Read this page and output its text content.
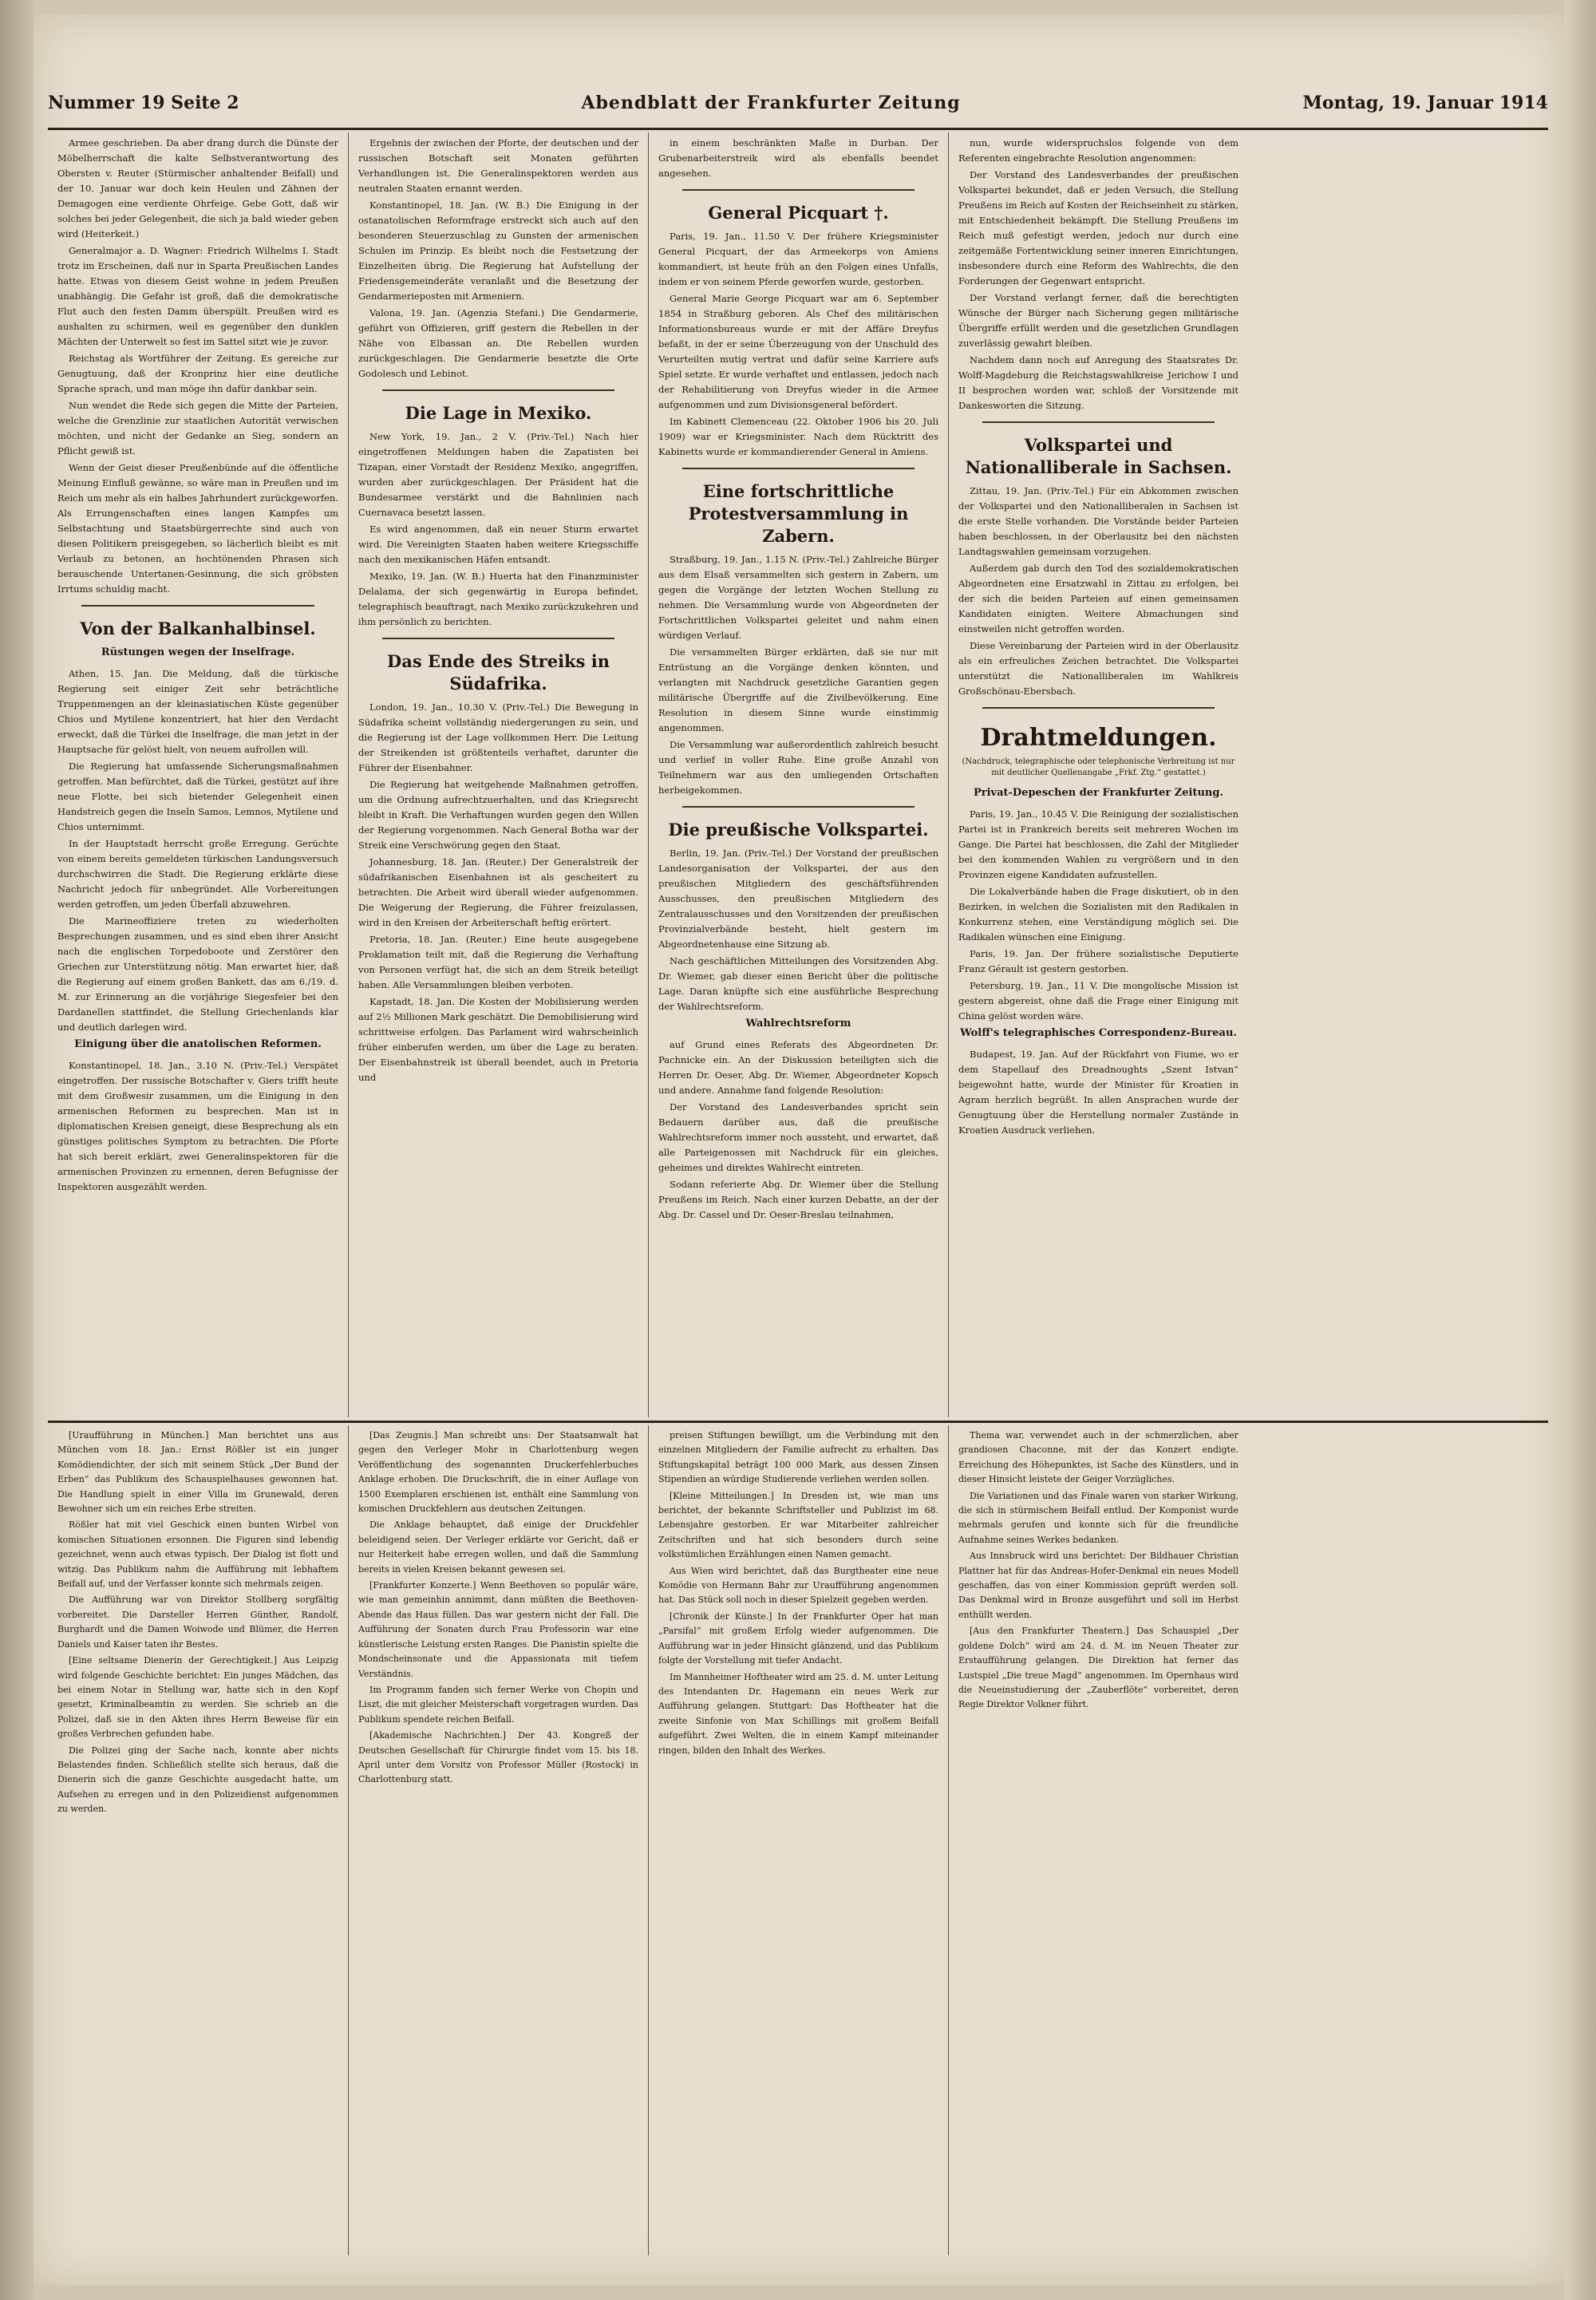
Nummer 19 Seite 2	Abendblatt der Frankfurter Zeitung	Montag, 19. Januar 1914

Armee geschrieben. Da aber drang durch die Dünste der Möbelherrschaft die kalte Selbstverantwortung des Obersten v. Reuter (Stürmischer anhaltender Beifall) und der 10. Januar war doch kein Heulen und Zähnen der Demagogen eine verdiente Ohrfeige. Gebe Gott, daß wir solches bei jeder Gelegenheit, die sich ja bald wieder geben wird (Heiterkeit.)

Generalmajor a. D. Wagner: Friedrich Wilhelms I. Stadt trotz im Erscheinen, daß nur in Sparta Preußischen Landes hatte. Etwas von diesem Geist wohne in jedem Preußen unabhängig. Die Gefahr ist groß, daß die demokratische Flut auch den festen Damm überspült. Preußen wird es aushalten zu schirmen, weil es gegenüber den dunklen Mächten der Unterwelt so fest im Sattel sitzt wie je zuvor.

Reichstag als Wortführer der Zeitung. Es gereiche zur Genugtuung, daß der Kronprinz hier eine deutliche Sprache sprach, und man möge ihn dafür dankbar sein.

Nun wendet die Rede sich gegen die Mitte der Parteien, welche die Grenzlinie zur staatlichen Autorität verwischen möchten, und nicht der Gedanke an Sieg, sondern an Pflicht gewiß ist.

Wenn der Geist dieser Preußenbünde auf die öffentliche Meinung Einfluß gewänne, so wäre man in Preußen und im Reich um mehr als ein halbes Jahrhundert zurückgeworfen. Als Errungenschaften eines langen Kampfes um Selbstachtung und Staatsbürgerrechte sind auch von diesen Politikern preisgegeben, so lächerlich bleibt es mit Verlaub zu betonen, an hochtönenden Phrasen sich berauschende Untertanen-Gesinnung, die sich gröbsten Irrtums schuldig macht.

Von der Balkanhalbinsel.
Rüstungen wegen der Inselfrage.

Athen, 15. Jan. Die Meldung, daß die türkische Regierung seit einiger Zeit sehr beträchtliche Truppenmengen an der kleinasiatischen Küste gegenüber Chios und Mytilene konzentriert, hat hier den Verdacht erweckt, daß die Türkei die Inselfrage, die man jetzt in der Hauptsache für gelöst hielt, von neuem aufrollen will.

Die Regierung hat umfassende Sicherungsmaßnahmen getroffen. Man befürchtet, daß die Türkei, gestützt auf ihre neue Flotte, bei sich bietender Gelegenheit einen Handstreich gegen die Inseln Samos, Lemnos, Mytilene und Chios unternimmt.

In der Hauptstadt herrscht große Erregung. Gerüchte von einem bereits gemeldeten türkischen Landungsversuch durchschwirren die Stadt. Die Regierung erklärte diese Nachricht jedoch für unbegründet. Alle Vorbereitungen werden getroffen, um jeden Überfall abzuwehren.

Die Marineoffiziere treten zu wiederholten Besprechungen zusammen, und es sind eben ihrer Ansicht nach die englischen Torpedoboote und Zerstörer den Griechen zur Unterstützung nötig. Man erwartet hier, daß die Regierung auf einem großen Bankett, das am 6./19. d. M. zur Erinnerung an die vorjährige Siegesfeier bei den Dardanellen stattfindet, die Stellung Griechenlands klar und deutlich darlegen wird.

Einigung über die anatolischen Reformen.

Konstantinopel, 18. Jan., 3.10 N. (Priv.-Tel.) Verspätet eingetroffen. Der russische Botschafter v. Giers trifft heute mit dem Großwesir zusammen, um die Einigung in den armenischen Reformen zu besprechen. Man ist in diplomatischen Kreisen geneigt, diese Besprechung als ein günstiges politisches Symptom zu betrachten. Die Pforte hat sich bereit erklärt, zwei Generalinspektoren für die armenischen Provinzen zu ernennen, deren Befugnisse der Inspektoren ausgezählt werden.

Ergebnis der zwischen der Pforte, der deutschen und der russischen Botschaft seit Monaten geführten Verhandlungen ist. Die Generalinspektoren werden aus neutralen Staaten ernannt werden.

Konstantinopel, 18. Jan. (W. B.) Die Einigung in der ostanatolischen Reformfrage erstreckt sich auch auf den besonderen Steuerzuschlag zu Gunsten der armenischen Schulen im Prinzip. Es bleibt noch die Festsetzung der Einzelheiten übrig. Die Regierung hat Aufstellung der Friedensgemeinderäte veranlaßt und die Besetzung der Gendarmerieposten mit Armeniern.

Valona, 19. Jan. (Agenzia Stefani.) Die Gendarmerie, geführt von Offizieren, griff gestern die Rebellen in der Nähe von Elbassan an. Die Rebellen wurden zurückgeschlagen. Die Gendarmerie besetzte die Orte Godolesch und Lebinot.

Die Lage in Mexiko.

New York, 19. Jan., 2 V. (Priv.-Tel.) Nach hier eingetroffenen Meldungen haben die Zapatisten bei Tizapan, einer Vorstadt der Residenz Mexiko, angegriffen, wurden aber zurückgeschlagen. Der Präsident hat die Bundesarmee verstärkt und die Bahnlinien nach Cuernavaca besetzt lassen.

Es wird angenommen, daß ein neuer Sturm erwartet wird. Die Vereinigten Staaten haben weitere Kriegsschiffe nach den mexikanischen Häfen entsandt.

Mexiko, 19. Jan. (W. B.) Huerta hat den Finanzminister Delalama, der sich gegenwärtig in Europa befindet, telegraphisch beauftragt, nach Mexiko zurückzukehren und ihm persönlich zu berichten.

Das Ende des Streiks in Südafrika.

London, 19. Jan., 10.30 V. (Priv.-Tel.) Die Bewegung in Südafrika scheint vollständig niedergerungen zu sein, und die Regierung ist der Lage vollkommen Herr. Die Leitung der Streikenden ist größtenteils verhaftet, darunter die Führer der Eisenbahner.

Die Regierung hat weitgehende Maßnahmen getroffen, um die Ordnung aufrechtzuerhalten, und das Kriegsrecht bleibt in Kraft. Die Verhaftungen wurden gegen den Willen der Regierung vorgenommen. Nach General Botha war der Streik eine Verschwörung gegen den Staat.

Johannesburg, 18. Jan. (Reuter.) Der Generalstreik der südafrikanischen Eisenbahnen ist als gescheitert zu betrachten. Die Arbeit wird überall wieder aufgenommen. Die Weigerung der Regierung, die Führer freizulassen, wird in den Kreisen der Arbeiterschaft heftig erörtert.

Pretoria, 18. Jan. (Reuter.) Eine heute ausgegebene Proklamation teilt mit, daß die Regierung die Verhaftung von Personen verfügt hat, die sich an dem Streik beteiligt haben. Alle Versammlungen bleiben verboten.

Kapstadt, 18. Jan. Die Kosten der Mobilisierung werden auf 2½ Millionen Mark geschätzt. Die Demobilisierung wird schrittweise erfolgen. Das Parlament wird wahrscheinlich früher einberufen werden, um über die Lage zu beraten. Der Eisenbahnstreik ist überall beendet, auch in Pretoria und

in einem beschränkten Maße in Durban. Der Grubenarbeiterstreik wird als ebenfalls beendet angesehen.

General Picquart †.

Paris, 19. Jan., 11.50 V. Der frühere Kriegsminister General Picquart, der das Armeekorps von Amiens kommandiert, ist heute früh an den Folgen eines Unfalls, indem er von seinem Pferde geworfen wurde, gestorben.

General Marie George Picquart war am 6. September 1854 in Straßburg geboren. Als Chef des militärischen Informationsbureaus wurde er mit der Affäre Dreyfus befaßt, in der er seine Überzeugung von der Unschuld des Verurteilten mutig vertrat und dafür seine Karriere aufs Spiel setzte. Er wurde verhaftet und entlassen, jedoch nach der Rehabilitierung von Dreyfus wieder in die Armee aufgenommen und zum Divisionsgeneral befördert.

Im Kabinett Clemenceau (22. Oktober 1906 bis 20. Juli 1909) war er Kriegsminister. Nach dem Rücktritt des Kabinetts wurde er kommandierender General in Amiens.

Eine fortschrittliche Protestversammlung in Zabern.

Straßburg, 19. Jan., 1.15 N. (Priv.-Tel.) Zahlreiche Bürger aus dem Elsaß versammelten sich gestern in Zabern, um gegen die Vorgänge der letzten Wochen Stellung zu nehmen. Die Versammlung wurde von Abgeordneten der Fortschrittlichen Volkspartei geleitet und nahm einen würdigen Verlauf.

Die versammelten Bürger erklärten, daß sie nur mit Entrüstung an die Vorgänge denken könnten, und verlangten mit Nachdruck gesetzliche Garantien gegen militärische Übergriffe auf die Zivilbevölkerung. Eine Resolution in diesem Sinne wurde einstimmig angenommen.

Die Versammlung war außerordentlich zahlreich besucht und verlief in voller Ruhe. Eine große Anzahl von Teilnehmern war aus den umliegenden Ortschaften herbeigekommen.

Die preußische Volkspartei.

Berlin, 19. Jan. (Priv.-Tel.) Der Vorstand der preußischen Landesorganisation der Volkspartei, der aus den preußischen Mitgliedern des geschäftsführenden Ausschusses, den preußischen Mitgliedern des Zentralausschusses und den Vorsitzenden der preußischen Provinzialverbände besteht, hielt gestern im Abgeordnetenhause eine Sitzung ab.

Nach geschäftlichen Mitteilungen des Vorsitzenden Abg. Dr. Wiemer, gab dieser einen Bericht über die politische Lage. Daran knüpfte sich eine ausführliche Besprechung der Wahlrechtsreform.

Wahlrechtsreform

auf Grund eines Referats des Abgeordneten Dr. Pachnicke ein. An der Diskussion beteiligten sich die Herren Dr. Oeser, Abg. Dr. Wiemer, Abgeordneter Kopsch und andere. Annahme fand folgende Resolution:

Der Vorstand des Landesverbandes spricht sein Bedauern darüber aus, daß die preußische Wahlrechtsreform immer noch aussteht, und erwartet, daß alle Parteigenossen mit Nachdruck für ein gleiches, geheimes und direktes Wahlrecht eintreten.

Sodann referierte Abg. Dr. Wiemer über die Stellung Preußens im Reich. Nach einer kurzen Debatte, an der der Abg. Dr. Cassel und Dr. Oeser-Breslau teilnahmen,

nun, wurde widerspruchslos folgende von dem Referenten eingebrachte Resolution angenommen:

Der Vorstand des Landesverbandes der preußischen Volkspartei bekundet, daß er jeden Versuch, die Stellung Preußens im Reich auf Kosten der Reichseinheit zu stärken, mit Entschiedenheit bekämpft. Die Stellung Preußens im Reich muß gefestigt werden, jedoch nur durch eine zeitgemäße Fortentwicklung seiner inneren Einrichtungen, insbesondere durch eine Reform des Wahlrechts, die den Forderungen der Gegenwart entspricht.

Der Vorstand verlangt ferner, daß die berechtigten Wünsche der Bürger nach Sicherung gegen militärische Übergriffe erfüllt werden und die gesetzlichen Grundlagen zuverlässig gewahrt bleiben.

Nachdem dann noch auf Anregung des Staatsrates Dr. Wolff-Magdeburg die Reichstagswahlkreise Jerichow I und II besprochen worden war, schloß der Vorsitzende mit Dankesworten die Sitzung.

Volkspartei und Nationalliberale in Sachsen.

Zittau, 19. Jan. (Priv.-Tel.) Für ein Abkommen zwischen der Volkspartei und den Nationalliberalen in Sachsen ist die erste Stelle vorhanden. Die Vorstände beider Parteien haben beschlossen, in der Oberlausitz bei den nächsten Landtagswahlen gemeinsam vorzugehen.

Außerdem gab durch den Tod des sozialdemokratischen Abgeordneten eine Ersatzwahl in Zittau zu erfolgen, bei der sich die beiden Parteien auf einen gemeinsamen Kandidaten einigten. Weitere Abmachungen sind einstweilen nicht getroffen worden.

Diese Vereinbarung der Parteien wird in der Oberlausitz als ein erfreuliches Zeichen betrachtet. Die Volkspartei unterstützt die Nationalliberalen im Wahlkreis Großschönau-Ebersbach.

Drahtmeldungen.
(Nachdruck, telegraphische oder telephonische Verbreitung ist nur mit deutlicher Quellenangabe „Frkf. Ztg.“ gestattet.)
Privat-Depeschen der Frankfurter Zeitung.

Paris, 19. Jan., 10.45 V. Die Reinigung der sozialistischen Partei ist in Frankreich bereits seit mehreren Wochen im Gange. Die Partei hat beschlossen, die Zahl der Mitglieder bei den kommenden Wahlen zu vergrößern und in den Provinzen eigene Kandidaten aufzustellen.

Die Lokalverbände haben die Frage diskutiert, ob in den Bezirken, in welchen die Sozialisten mit den Radikalen in Konkurrenz stehen, eine Verständigung möglich sei. Die Radikalen wünschen eine Einigung.

Paris, 19. Jan. Der frühere sozialistische Deputierte Franz Gérault ist gestern gestorben.

Petersburg, 19. Jan., 11 V. Die mongolische Mission ist gestern abgereist, ohne daß die Frage einer Einigung mit China gelöst worden wäre.

Wolff's telegraphisches Correspondenz-Bureau.

Budapest, 19. Jan. Auf der Rückfahrt von Fiume, wo er dem Stapellauf des Dreadnoughts „Szent Istvan“ beigewohnt hatte, wurde der Minister für Kroatien in Agram herzlich begrüßt. In allen Ansprachen wurde der Genugtuung über die Herstellung normaler Zustände in Kroatien Ausdruck verliehen.

[Uraufführung in München.] Man berichtet uns aus München vom 18. Jan.: Ernst Rößler ist ein junger Komödiendichter, der sich mit seinem Stück „Der Bund der Erben“ das Publikum des Schauspielhauses gewonnen hat. Die Handlung spielt in einer Villa im Grunewald, deren Bewohner sich um ein reiches Erbe streiten.

Rößler hat mit viel Geschick einen bunten Wirbel von komischen Situationen ersonnen. Die Figuren sind lebendig gezeichnet, wenn auch etwas typisch. Der Dialog ist flott und witzig. Das Publikum nahm die Aufführung mit lebhaftem Beifall auf, und der Verfasser konnte sich mehrmals zeigen.

Die Aufführung war von Direktor Stollberg sorgfältig vorbereitet. Die Darsteller Herren Günther, Randolf, Burghardt und die Damen Woiwode und Blümer, die Herren Daniels und Kaiser taten ihr Bestes.

[Eine seltsame Dienerin der Gerechtigkeit.] Aus Leipzig wird folgende Geschichte berichtet: Ein junges Mädchen, das bei einem Notar in Stellung war, hatte sich in den Kopf gesetzt, Kriminalbeamtin zu werden. Sie schrieb an die Polizei, daß sie in den Akten ihres Herrn Beweise für ein großes Verbrechen gefunden habe.

Die Polizei ging der Sache nach, konnte aber nichts Belastendes finden. Schließlich stellte sich heraus, daß die Dienerin sich die ganze Geschichte ausgedacht hatte, um Aufsehen zu erregen und in den Polizeidienst aufgenommen zu werden.

[Das Zeugnis.] Man schreibt uns: Der Staatsanwalt hat gegen den Verleger Mohr in Charlottenburg wegen Veröffentlichung des sogenannten Druckerfehlerbuches Anklage erhoben. Die Druckschrift, die in einer Auflage von 1500 Exemplaren erschienen ist, enthält eine Sammlung von komischen Druckfehlern aus deutschen Zeitungen.

Die Anklage behauptet, daß einige der Druckfehler beleidigend seien. Der Verleger erklärte vor Gericht, daß er nur Heiterkeit habe erregen wollen, und daß die Sammlung bereits in vielen Kreisen bekannt gewesen sei.

[Frankfurter Konzerte.] Wenn Beethoven so populär wäre, wie man gemeinhin annimmt, dann müßten die Beethoven-Abende das Haus füllen. Das war gestern nicht der Fall. Die Aufführung der Sonaten durch Frau Professorin war eine künstlerische Leistung ersten Ranges. Die Pianistin spielte die Mondscheinsonate und die Appassionata mit tiefem Verständnis.

Im Programm fanden sich ferner Werke von Chopin und Liszt, die mit gleicher Meisterschaft vorgetragen wurden. Das Publikum spendete reichen Beifall.

[Akademische Nachrichten.] Der 43. Kongreß der Deutschen Gesellschaft für Chirurgie findet vom 15. bis 18. April unter dem Vorsitz von Professor Müller (Rostock) in Charlottenburg statt.

preisen Stiftungen bewilligt, um die Verbindung mit den einzelnen Mitgliedern der Familie aufrecht zu erhalten. Das Stiftungskapital beträgt 100 000 Mark, aus dessen Zinsen Stipendien an würdige Studierende verliehen werden sollen.

[Kleine Mitteilungen.] In Dresden ist, wie man uns berichtet, der bekannte Schriftsteller und Publizist im 68. Lebensjahre gestorben. Er war Mitarbeiter zahlreicher Zeitschriften und hat sich besonders durch seine volkstümlichen Erzählungen einen Namen gemacht.

Aus Wien wird berichtet, daß das Burgtheater eine neue Komödie von Hermann Bahr zur Uraufführung angenommen hat. Das Stück soll noch in dieser Spielzeit gegeben werden.

[Chronik der Künste.] In der Frankfurter Oper hat man „Parsifal“ mit großem Erfolg wieder aufgenommen. Die Aufführung war in jeder Hinsicht glänzend, und das Publikum folgte der Vorstellung mit tiefer Andacht.

Im Mannheimer Hoftheater wird am 25. d. M. unter Leitung des Intendanten Dr. Hagemann ein neues Werk zur Aufführung gelangen. Stuttgart: Das Hoftheater hat die zweite Sinfonie von Max Schillings mit großem Beifall aufgeführt. Zwei Welten, die in einem Kampf miteinander ringen, bilden den Inhalt des Werkes.

Thema war, verwendet auch in der schmerzlichen, aber grandiosen Chaconne, mit der das Konzert endigte. Erreichung des Höhepunktes, ist Sache des Künstlers, und in dieser Hinsicht leistete der Geiger Vorzügliches.

Die Variationen und das Finale waren von starker Wirkung, die sich in stürmischem Beifall entlud. Der Komponist wurde mehrmals gerufen und konnte sich für die freundliche Aufnahme seines Werkes bedanken.

Aus Innsbruck wird uns berichtet: Der Bildhauer Christian Plattner hat für das Andreas-Hofer-Denkmal ein neues Modell geschaffen, das von einer Kommission geprüft werden soll. Das Denkmal wird in Bronze ausgeführt und soll im Herbst enthüllt werden.

[Aus den Frankfurter Theatern.] Das Schauspiel „Der goldene Dolch“ wird am 24. d. M. im Neuen Theater zur Erstaufführung gelangen. Die Direktion hat ferner das Lustspiel „Die treue Magd“ angenommen. Im Opernhaus wird die Neueinstudierung der „Zauberflöte“ vorbereitet, deren Regie Direktor Volkner führt.
